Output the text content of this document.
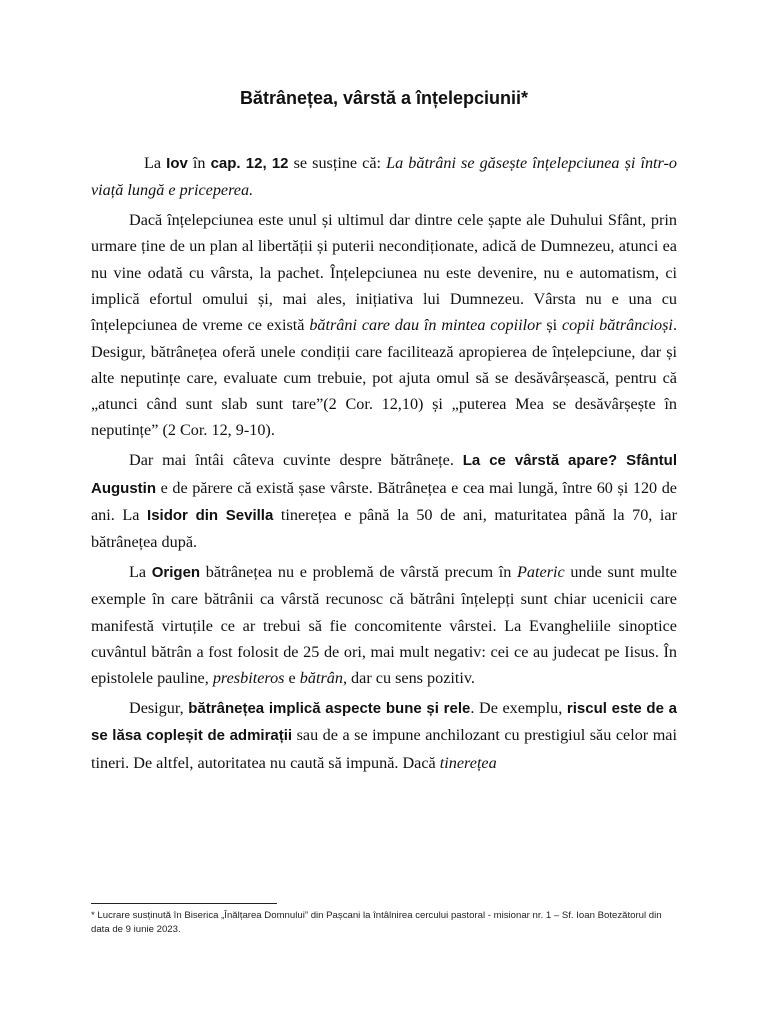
Bătrânețea, vârstă a înțelepciunii*

La Iov în cap. 12, 12 se susține că: La bătrâni se găsește înțelepciunea și într-o viață lungă e priceperea.

Dacă înțelepciunea este unul și ultimul dar dintre cele șapte ale Duhului Sfânt, prin urmare ține de un plan al libertății și puterii necondiționate, adică de Dumnezeu, atunci ea nu vine odată cu vârsta, la pachet. Înțelepciunea nu este devenire, nu e automatism, ci implică efortul omului și, mai ales, inițiativa lui Dumnezeu. Vârsta nu e una cu înțelepciunea de vreme ce există bătrâni care dau în mintea copiilor și copii bătrâncioși. Desigur, bătrânețea oferă unele condiții care facilitează apropierea de înțelepciune, dar și alte neputințe care, evaluate cum trebuie, pot ajuta omul să se desăvârșească, pentru că „atunci când sunt slab sunt tare”(2 Cor. 12,10) și „puterea Mea se desăvârșește în neputințe” (2 Cor. 12, 9-10).

Dar mai întâi câteva cuvinte despre bătrânețe. La ce vârstă apare? Sfântul Augustin e de părere că există șase vârste. Bătrânețea e cea mai lungă, între 60 și 120 de ani. La Isidor din Sevilla tinerețea e până la 50 de ani, maturitatea până la 70, iar bătrânețea după.

La Origen bătrânețea nu e problemă de vârstă precum în Pateric unde sunt multe exemple în care bătrânii ca vârstă recunosc că bătrâni înțelepți sunt chiar ucenicii care manifestă virtuțile ce ar trebui să fie concomitente vârstei. La Evangheliile sinoptice cuvântul bătrân a fost folosit de 25 de ori, mai mult negativ: cei ce au judecat pe Iisus. În epistolele pauline, presbiteros e bătrân, dar cu sens pozitiv.

Desigur, bătrânețea implică aspecte bune și rele. De exemplu, riscul este de a se lăsa copleșit de admirații sau de a se impune anchilozant cu prestigiul său celor mai tineri. De altfel, autoritatea nu caută să impună. Dacă tinerețea

* Lucrare susținută în Biserica „Înălțarea Domnului” din Pașcani la întâlnirea cercului pastoral - misionar nr. 1 – Sf. Ioan Botezătorul din data de 9 iunie 2023.
